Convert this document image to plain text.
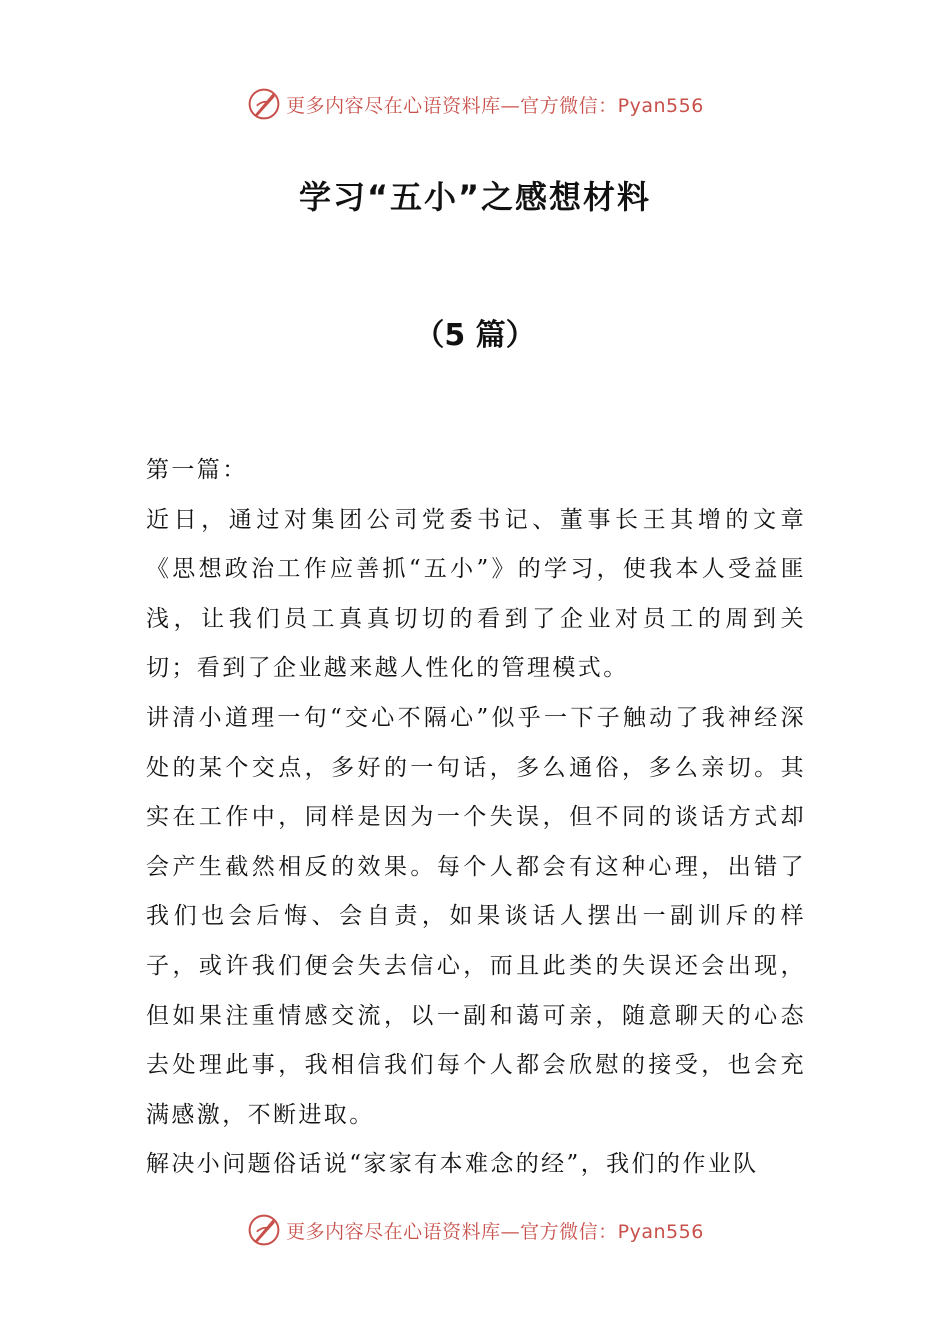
更多内容尽在心语资料库—官方微信：Pyan556
学习“五小”之感想材料
（5 篇）

第一篇：

近日，通过对集团公司党委书记、董事长王其增的文章《思想政治工作应善抓“五小”》的学习，使我本人受益匪浅，让我们员工真真切切的看到了企业对员工的周到关切；看到了企业越来越人性化的管理模式。

讲清小道理一句“交心不隔心”似乎一下子触动了我神经深处的某个交点，多好的一句话，多么通俗，多么亲切。其实在工作中，同样是因为一个失误，但不同的谈话方式却会产生截然相反的效果。每个人都会有这种心理，出错了我们也会后悔、会自责，如果谈话人摆出一副训斥的样子，或许我们便会失去信心，而且此类的失误还会出现，但如果注重情感交流，以一副和蔼可亲，随意聊天的心态去处理此事，我相信我们每个人都会欣慰的接受，也会充满感激，不断进取。

解决小问题俗话说“家家有本难念的经”，我们的作业队

更多内容尽在心语资料库—官方微信：Pyan556
